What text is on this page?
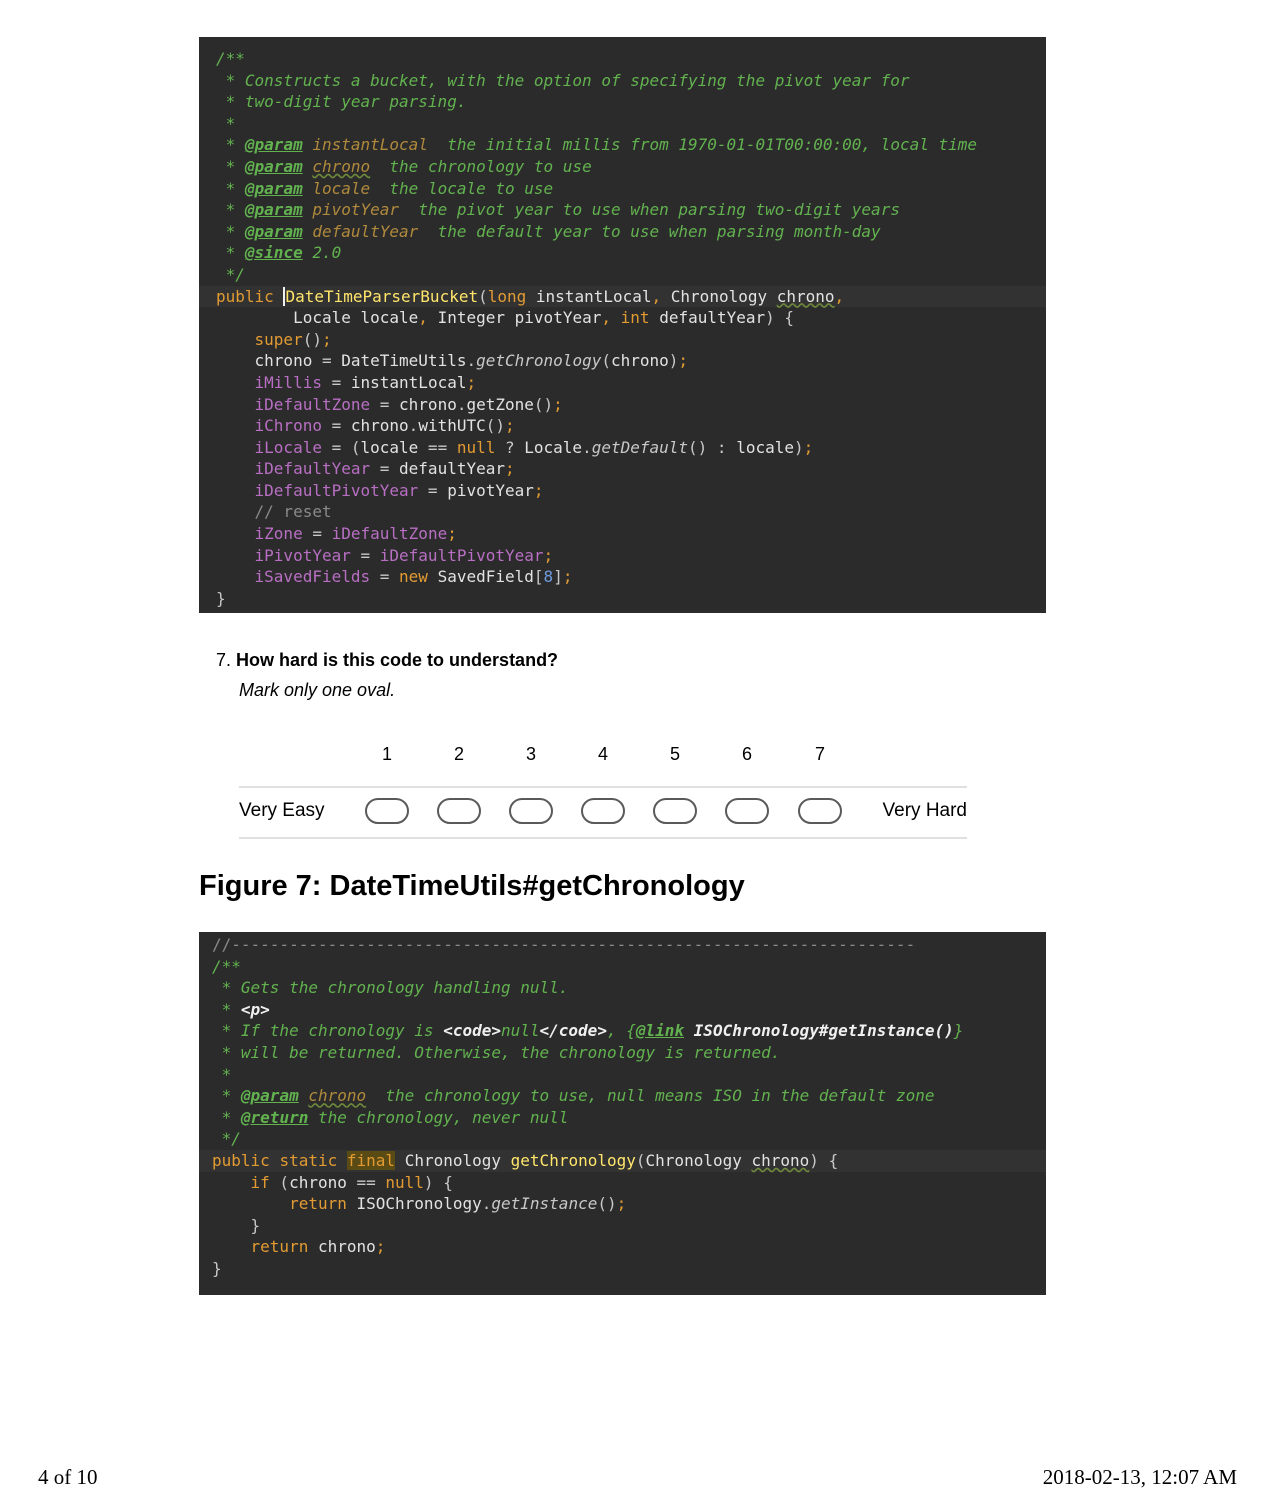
/**
* Constructs a bucket, with the option of specifying the pivot year for
* two-digit year parsing.
*
* @param instantLocal  the initial millis from 1970-01-01T00:00:00, local time
* @param chrono  the chronology to use
* @param locale  the locale to use
* @param pivotYear  the pivot year to use when parsing two-digit years
* @param defaultYear  the default year to use when parsing month-day
* @since 2.0
*/
public DateTimeParserBucket(long instantLocal, Chronology chrono,
Locale locale, Integer pivotYear, int defaultYear) {
super();
chrono = DateTimeUtils.getChronology(chrono);
iMillis = instantLocal;
iDefaultZone = chrono.getZone();
iChrono = chrono.withUTC();
iLocale = (locale == null ? Locale.getDefault() : locale);
iDefaultYear = defaultYear;
iDefaultPivotYear = pivotYear;
// reset
iZone = iDefaultZone;
iPivotYear = iDefaultPivotYear;
iSavedFields = new SavedField[8];
}
7. How hard is this code to understand?
Mark only one oval.
1	2	3	4	5	6	7
Very Easy	Very Hard
Figure 7: DateTimeUtils#getChronology
//-----------------------------------------------------------------------
/**
* Gets the chronology handling null.
* <p>
* If the chronology is <code>null</code>, {@link ISOChronology#getInstance()}
* will be returned. Otherwise, the chronology is returned.
*
* @param chrono  the chronology to use, null means ISO in the default zone
* @return the chronology, never null
*/
public static final Chronology getChronology(Chronology chrono) {
if (chrono == null) {
return ISOChronology.getInstance();
}
return chrono;
}
4 of 10	2018-02-13, 12:07 AM
